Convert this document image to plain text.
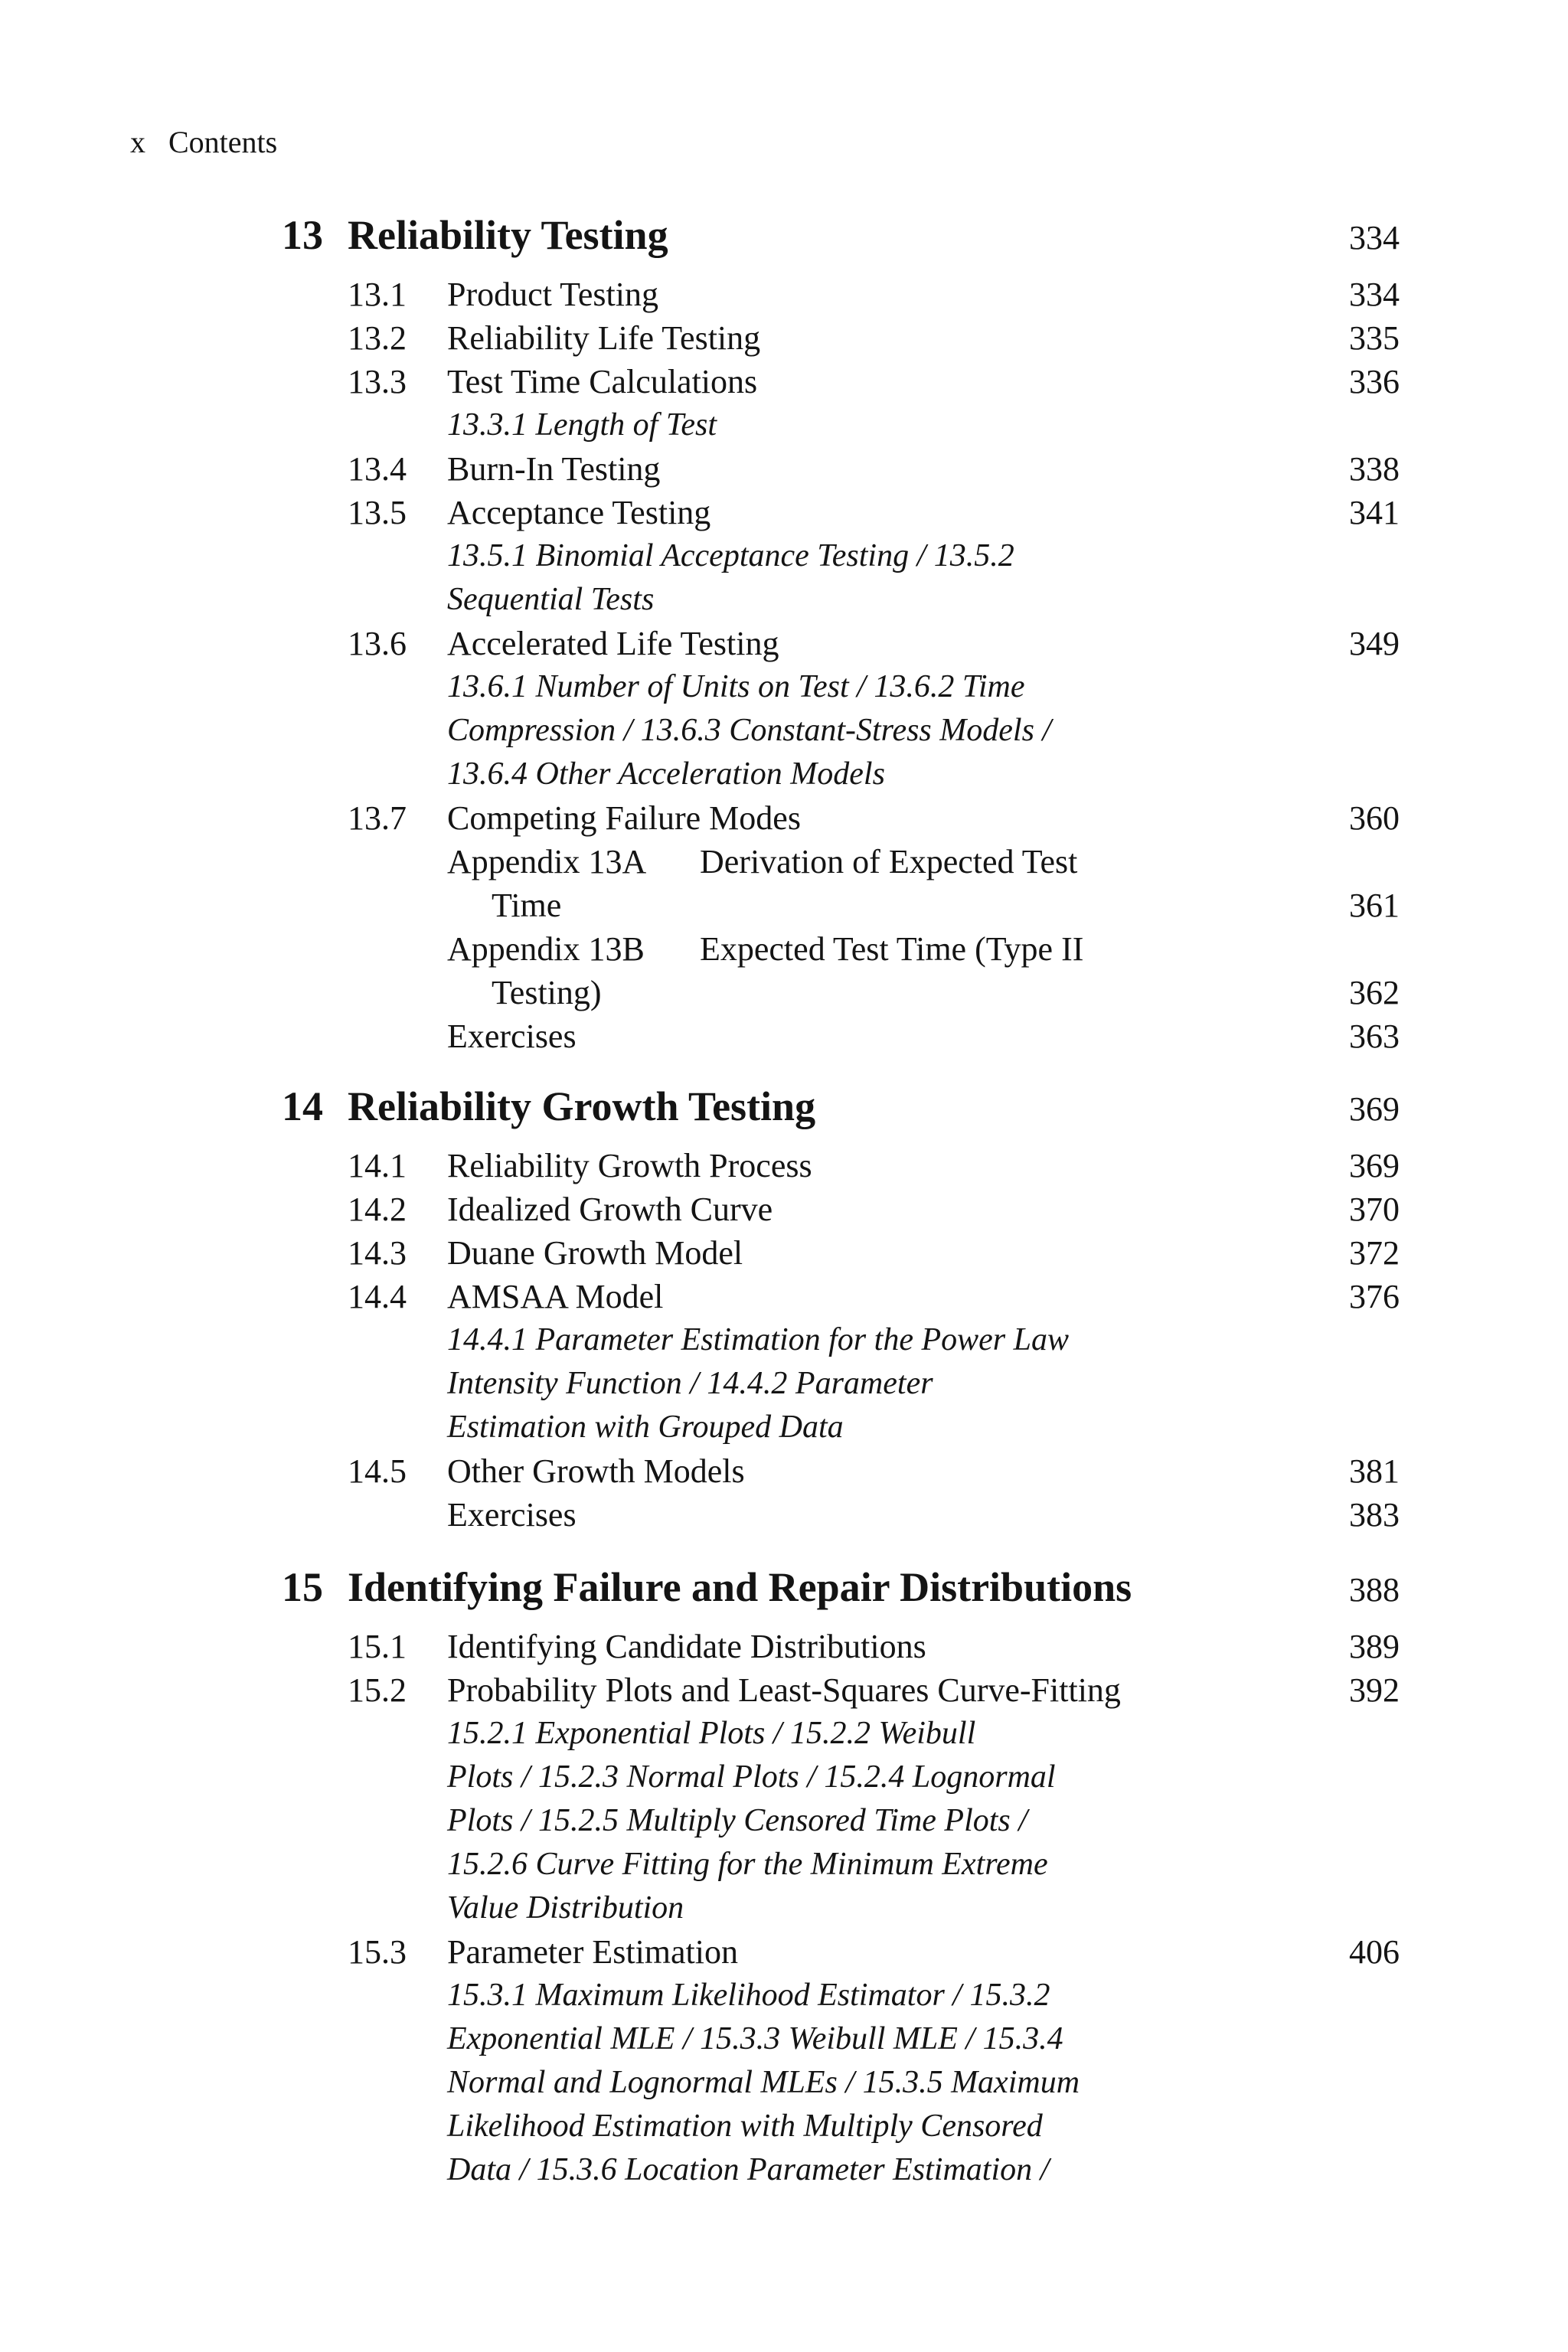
x Contents
13 Reliability Testing	334
13.1 Product Testing	334
13.2 Reliability Life Testing	335
13.3 Test Time Calculations	336
13.3.1 Length of Test
13.4 Burn-In Testing	338
13.5 Acceptance Testing	341
13.5.1 Binomial Acceptance Testing / 13.5.2
Sequential Tests
13.6 Accelerated Life Testing	349
13.6.1 Number of Units on Test / 13.6.2 Time
Compression / 13.6.3 Constant-Stress Models /
13.6.4 Other Acceleration Models
13.7 Competing Failure Modes	360
Appendix 13A Derivation of Expected Test
Time	361
Appendix 13B Expected Test Time (Type II
Testing)	362
Exercises	363
14 Reliability Growth Testing	369
14.1 Reliability Growth Process	369
14.2 Idealized Growth Curve	370
14.3 Duane Growth Model	372
14.4 AMSAA Model	376
14.4.1 Parameter Estimation for the Power Law
Intensity Function / 14.4.2 Parameter
Estimation with Grouped Data
14.5 Other Growth Models	381
Exercises	383
15 Identifying Failure and Repair Distributions	388
15.1 Identifying Candidate Distributions	389
15.2 Probability Plots and Least-Squares Curve-Fitting	392
15.2.1 Exponential Plots / 15.2.2 Weibull
Plots / 15.2.3 Normal Plots / 15.2.4 Lognormal
Plots / 15.2.5 Multiply Censored Time Plots /
15.2.6 Curve Fitting for the Minimum Extreme
Value Distribution
15.3 Parameter Estimation	406
15.3.1 Maximum Likelihood Estimator / 15.3.2
Exponential MLE / 15.3.3 Weibull MLE / 15.3.4
Normal and Lognormal MLEs / 15.3.5 Maximum
Likelihood Estimation with Multiply Censored
Data / 15.3.6 Location Parameter Estimation /
